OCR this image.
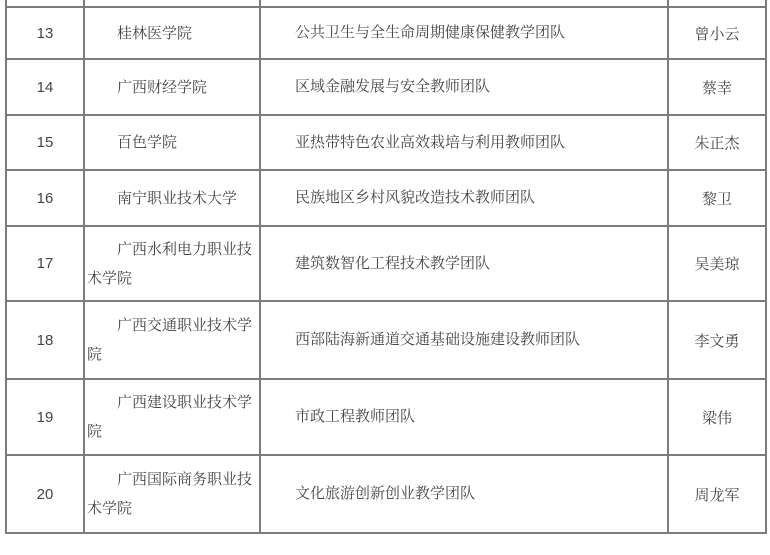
13	桂林医学院	公共卫生与全生命周期健康保健教学团队	曾小云
14	广西财经学院	区域金融发展与安全教师团队	蔡幸
15	百色学院	亚热带特色农业高效栽培与利用教师团队	朱正杰
16	南宁职业技术大学	民族地区乡村风貌改造技术教师团队	黎卫
17	广西水利电力职业技术学院	建筑数智化工程技术教学团队	吴美琼
18	广西交通职业技术学院	西部陆海新通道交通基础设施建设教师团队	李文勇
19	广西建设职业技术学院	市政工程教师团队	梁伟
20	广西国际商务职业技术学院	文化旅游创新创业教学团队	周龙军
